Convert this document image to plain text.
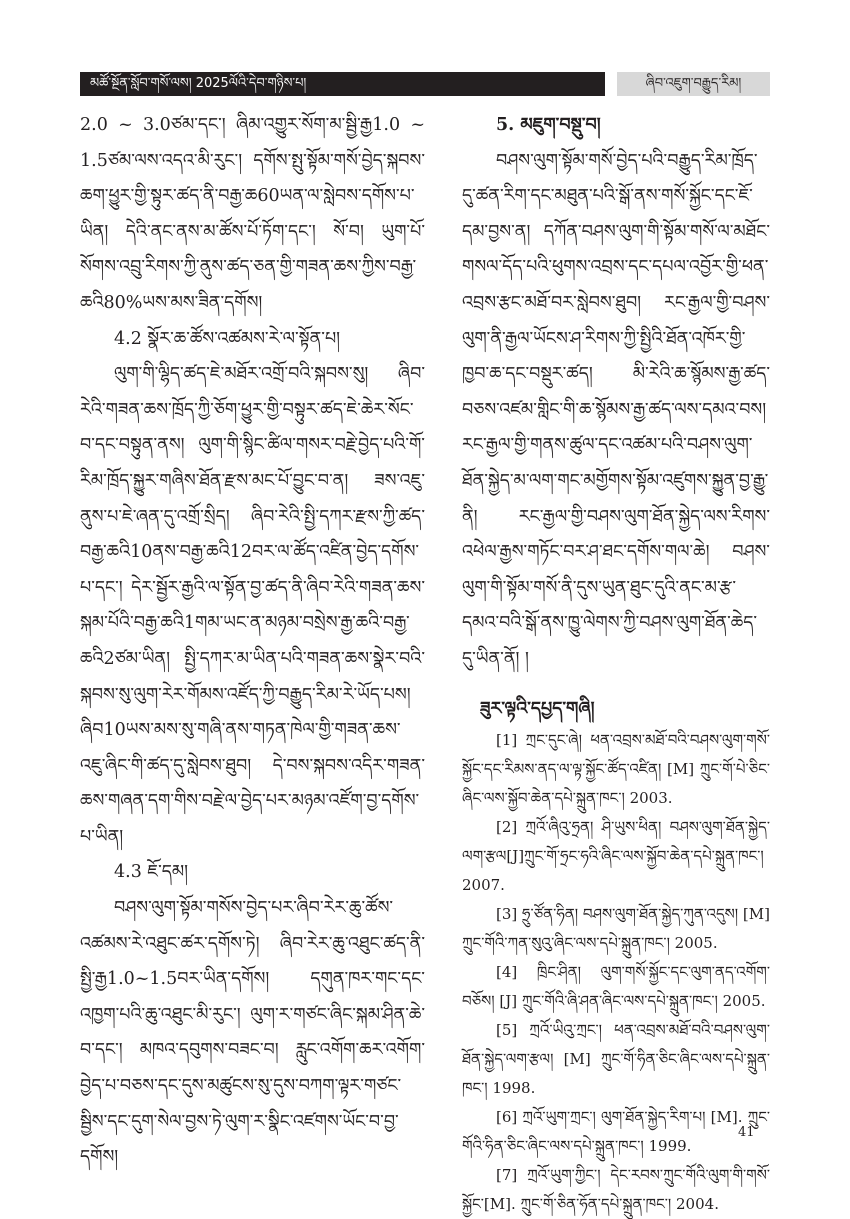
མཚོ་སྔོན་སློབ་གསོ་ལས། 2025ལོའི་དེབ་གཉིས་པ།	ཞིབ་འཇུག་བརྒྱུད་རིམ།

2.0 ~ 3.0ཙམ་དང་། ཞིམ་འགྱུར་སོག་མ་སྦྱི་རྒྱ1.0 ~ 1.5ཙམ་ལས་འདའ་མི་རུང་། དགོས་སྤུ་སྟོམ་གསོ་བྱེད་སྐབས་ཆག་ཕྱུར་གྱི་སྟུར་ཚད་ནི་བརྒྱ་ཆ60ཡན་ལ་སླེབས་དགོས་པ་ཡིན། དེའི་ནང་ནས་མ་ཚོས་པོ་ཏོག་དང་། སོ་བ། ཡུག་པོ་སོགས་འབྲུ་རིགས་ཀྱི་ནུས་ཚད་ཅན་གྱི་གཟན་ཆས་ཀྱིས་བརྒྱ་ཆའི80%ཡས་མས་ཟིན་དགོས།

4.2 སྣོར་ཆ་ཚོས་འཚམས་རེ་ལ་སྟོན་པ།

ལུག་གི་ལྷིད་ཚད་ཇེ་མཐོར་འགྲོ་བའི་སྐབས་སུ། ཞིབ་རེའི་གཟན་ཆས་ཁྲོད་ཀྱི་ཅོག་ཕྱུར་གྱི་བསྟུར་ཚད་ཇེ་ཆེར་སོང་བ་དང་བསྟུན་ནས། ལུག་གི་སྙིང་ཚིལ་གསར་བརྗེ་བྱེད་པའི་གོ་རིམ་ཁྲོད་སྐྱུར་གཞིས་ཐོན་རྫས་མང་པོ་བྱུང་བ་ན། ཟས་འཇུ་ནུས་པ་ཇེ་ཞན་དུ་འགྲོ་སྲིད། ཞིབ་རེའི་སྤྱི་དཀར་རྫས་ཀྱི་ཚད་བརྒྱ་ཆའི10ནས་བརྒྱ་ཆའི12བར་ལ་ཚོད་འཛིན་བྱེད་དགོས་པ་དང་། དེར་སྦྱོར་རྒྱའི་ལ་སྟོན་བྱ་ཚད་ནི་ཞིབ་རེའི་གཟན་ཆས་སྐམ་པོའི་བརྒྱ་ཆའི1གམ་ཡང་ན་མཉམ་བསྲེས་རྒྱ་ཆའི་བརྒྱ་ཆའི2ཙམ་ཡིན། སྤྱི་དཀར་མ་ཡིན་པའི་གཟན་ཆས་སྣེར་བའི་སྐབས་སུ་ལུག་རེར་གོམས་འཛོད་ཀྱི་བརྒྱུད་རིམ་རེ་ཡོད་པས། ཞིབ10ཡས་མས་སུ་གཞི་ནས་གཏན་ཁེལ་གྱི་གཟན་ཆས་འཇུ་ཞིང་གི་ཚད་དུ་སླེབས་ཐུབ། དེ་བས་སྐབས་འདིར་གཟན་ཆས་གཞན་དག་གིས་བརྗེ་ལ་བྱེད་པར་མཉམ་འཛོག་བྱ་དགོས་པ་ཡིན།

4.3 ཇོ་དམ།

བཤས་ལུག་སྟོམ་གསོས་བྱེད་པར་ཞིབ་རེར་ཆུ་ཚོས་འཚམས་རེ་འཐུང་ཚར་དགོས་ཏེ། ཞིབ་རེར་ཆུ་འཐུང་ཚད་ནི་སྤྱི་རྒྱ1.0~1.5བར་ཡིན་དགོས། དགུན་ཁར་གང་དང་འཁྱག་པའི་ཆུ་འཐུང་མི་རུང་། ལུག་ར་གཙང་ཞིང་སྐམ་ཤིན་ཆེ་བ་དང་། མཁའ་དབུགས་བཟང་བ། རླུང་འགོག་ཆར་འགོག་བྱེད་པ་བཅས་དང་དུས་མཚུངས་སུ་དུས་བཀག་ལྟར་གཙང་སྦྱིས་དང་དུག་སེལ་བྱས་ཏེ་ལུག་ར་སྣིང་འཛགས་ཡོང་བ་བྱ་དགོས།

5. མཇུག་བསྡུ་བ།

བཤས་ལུག་སྟོམ་གསོ་བྱེད་པའི་བརྒྱུད་རིམ་ཁྲོད་དུ་ཚན་རིག་དང་མཐུན་པའི་སྒོ་ནས་གསོ་སྐྱོང་དང་ཇོ་དམ་བྱས་ན། དཀོན་བཤས་ལུག་གི་སྟོམ་གསོ་ལ་མཐོང་གསལ་དོད་པའི་ཕུགས་འབྲས་དང་དཔལ་འབྱོར་གྱི་ཕན་འབྲས་རྩང་མཐོ་བར་སླེབས་ཐུབ། རང་རྒྱལ་གྱི་བཤས་ལུག་ནི་རྒྱལ་ཡོངས་ཤ་རིགས་ཀྱི་སྤྱིའི་ཐོན་འཁོར་གྱི་ཁྱབ་ཆ་དང་བསྡུར་ཚད། མི་རེའི་ཆ་སྙོམས་རྒྱ་ཚད་བཅས་འཛམ་གླིང་གི་ཆ་སྙོམས་རྒྱ་ཚད་ལས་དམའ་བས། རང་རྒྱལ་གྱི་གནས་ཚུལ་དང་འཚམ་པའི་བཤས་ལུག་ཐོན་སྐྱེད་མ་ལག་གང་མགྱོགས་སྟོམ་འཛུགས་སྐྱུན་བྱ་རྒྱུ་ནི། རང་རྒྱལ་གྱི་བཤས་ལུག་ཐོན་སྐྱེད་ལས་རིགས་འཕེལ་རྒྱས་གཏོང་བར་ཤ་ཐང་དགོས་གལ་ཆེ། བཤས་ལུག་གི་སྟོམ་གསོ་ནི་དུས་ཡུན་ཐུང་དུའི་ནང་མ་རྩ་དམའ་བའི་སྒོ་ནས་ཁྱུ་ལེགས་ཀྱི་བཤས་ལུག་ཐོན་ཆེད་དུ་ཡིན་ནོ། །

ཟུར་ལྟའི་དཔྱད་གཞི།

[1] ཀྲང་དུང་ཞེ། ཕན་འབྲས་མཐོ་བའི་བཤས་ལུག་གསོ་སྐྱོང་དང་རིམས་ནད་ལ་ལྟ་སྐྱོང་ཚོད་འཛིན། [M] ཀྲུང་གོ་པེ་ཅིང་ཞིང་ལས་སྐྱོབ་ཆེན་དཔེ་སྐྲུན་ཁང་། 2003.

[2] ཀྲའོ་ཞིའུ་ཧྲན། ཤི་ཡུས་ཕིན། བཤས་ལུག་ཐོན་སྐྱེད་ལག་རྩལ[J]ཀྲུང་གོ་ཧྲང་ཧའི་ཞིང་ལས་སྐྱོབ་ཆེན་དཔེ་སྐྲུན་ཁང་། 2007.

[3] ཧྲུ་ཙོན་ཧིན། བཤས་ལུག་ཐོན་སྐྱེད་ཀུན་འདུས། [M] ཀྲུང་གོའི་ཀན་སུའུ་ཞིང་ལས་དཔེ་སྐྲུན་ཁང་། 2005.

[4] ཁྲིང་ཤིན། ལུག་གསོ་སྐྱོང་དང་ལུག་ནད་འགོག་བཅོས། [J] ཀྲུང་གོའི་ཞི་ཤན་ཞིང་ལས་དཔེ་སྐྲུན་ཁང་། 2005.

[5] ཀྲའོ་ཡིའུ་ཀྲང་། ཕན་འབྲས་མཐོ་བའི་བཤས་ལུག་ཐོན་སྐྱེད་ལག་རྩལ། [M] ཀྲུང་གོ་ཧིན་ཅིང་ཞིང་ལས་དཔེ་སྐྲུན་ཁང་། 1998.

[6] ཀྲའོ་ཡུག་ཀྲང་། ལུག་ཐོན་སྐྱེད་རིག་པ། [M]. ཀྲུང་གོའི་ཧིན་ཅིང་ཞིང་ལས་དཔེ་སྐྲུན་ཁང་། 1999.

[7] ཀྲའོ་ཡུག་ཀྱིང་། དེང་རབས་ཀྲུང་གོའི་ལུག་གི་གསོ་སྐྱོང་[M]. ཀྲུང་གོ་ཅིན་ཧོན་དཔེ་སྐྲུན་ཁང་། 2004.

41
